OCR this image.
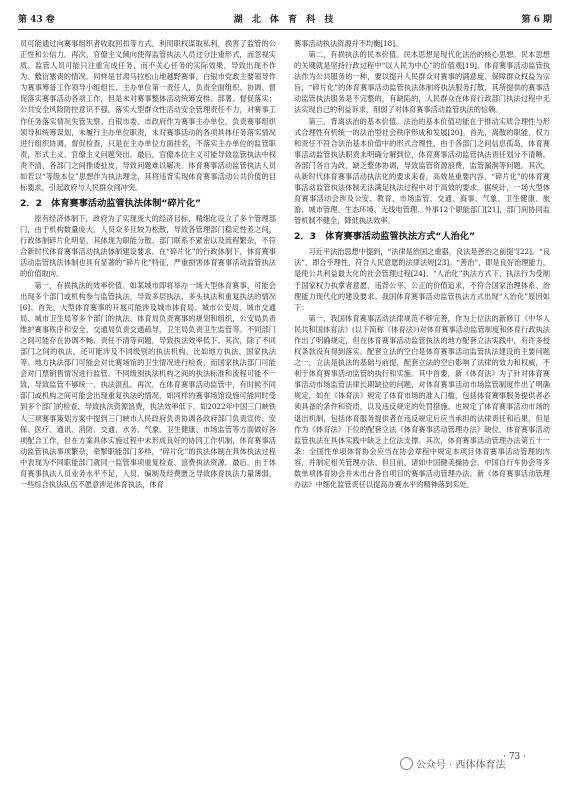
第 43 卷	湖 北 体 育 科 技	第 6 期

员可能通过向赛事组织者收取回扣等方式，利用职权谋取私利，损害了监管的公正性和公信力。再次，官僚主义倾向使得监管执法人员过分注重形式，而忽视实质。监管人员可能只注重完成任务，而不关心任务的实际效果，导致出现不作为、敷衍塞责的情况。同样是甘肃马拉松山地越野赛事，白银市党政主要领导作为赛事筹备工作领导小组组长、主办单位第一责任人，负责全面组织、协调、督促落实赛事活动各项工作，但是未对赛事整体活动统筹安排、部署、督促落实；公共安全风险防控意识不强，落实大型群众性活动安全管理责任不力，对赛事工作任务落实情况失管失察。白银市委、市政府作为赛事主办单位，负责赛事组织领导和统筹谋划，未履行主办单位职责，未对赛事活动的各项具体任务落实情况进行组织协调、督促检查，只是在主办单位方面挂名，不落实主办单位的监管职责，形式主义、官僚主义问题突出。最后，官僚本位主义可能导致监管执法中权责不清，各部门之间推诿扯皮，导致问题难以解决。体育赛事活动监管执法人员如若以“等级本位”思想作为执法理念，其将违背实现体育赛事活动公共价值的目标要求，引起政府与人民群众间冲突。

2．2　体育赛事活动监管执法体制“碎片化”

原有经济体制下，政府为了实现庞大的经济目标，精细化设立了多个管理部门，由于机构数量庞大、人员众多且较为松散，导致各管理部门稳定性差之间，行政体制碎片化明显，其体现为职能分散、部门联系不紧密以及流程繁杂，不符合新时代体育赛事活动执法体制建设要求。在“碎片化”的行政体制下，体育赛事活动监管执法体制也具有显著的“碎片化”特征，严重损害体育赛事活动监管执法的价值取向。

第一，有损执法的效率价值。如某城市即将举办一场大型体育赛事，可能会出现多个部门或机构参与监管执法，导致多层执法、多头执法和重复执法的情况[6]。首先，大型体育赛事的开展可能涉及城市体育局、城市公安局、城市交通局、城市卫生局等多个部门的执法。体育局负责赛事的规划和组织，公安局负责维护赛事秩序和安全，交通局负责交通疏导，卫生局负责卫生监管等。不同部门之间可能存在协调不畅、责任不清等问题，导致执法效率低下。其次，除了不同部门之间的执法，还可能涉及不同级别的执法机构，比如地方执法、国家执法等。地方执法部门可能会对比赛场馆的卫生情况进行检查，而国家执法部门可能会对门票销售情况进行监管。不同级别执法机构之间的执法标准和流程可能不一致，导致监管不够统一、执法混乱。再次，在体育赛事活动监管中，有时候不同部门或机构之间可能会出现重复执法的情况，如同样的赛事场馆设施可能同时受到多个部门的检查，导致执法资源浪费，执法效率低下。如2022年中国三门峡铁人三项赛事策划方案中提到三门峡市人民政府负责协调各政府部门负责宣传、安保、医疗、通讯、消防、交通、水务、气象、卫生健康、市场监管等方面做好各项配合工作，但在方案具体实施过程中未形成良好的协同工作机制，体育赛事活动监管执法事项繁杂，牵掣职能部门多样，“碎片化”的执法体制在具体执法过程中表现为不同职能部门就同一监管事项重复检查、浪费执法资源。最后，由于体育赛事执法人员业务水平不足，人员、编制及经费匮乏导致体育执法力量薄弱。一些综合执法队伍不愿意涉足体育执法，体育

赛事活动执法资源并不均衡[18]。

第二，有损执法的民本价值。民本思想是现代化法治的核心思想。民本思想的关键就是坚持行政过程中“以人民为中心”的价值观[19]。体育赛事活动监管执法作为公共服务的一种，要以提升人民群众对赛事的满意度、保障群众权益为宗旨，“碎片化”的体育赛事活动监管执法体制将执法服务打散，其所提供的赛事活动监管执法服务是不完整的，有缺陷的，人民群众在体育行政部门执法过程中无法实现自己的利益诉求，削弱了对体育赛事活动监管执法的信赖。

第三，背离法治的基本价值。法治的基本价值功能在于推动实质合理性与形式合理性有机统一的法治型社会秩序形成和发展[20]。首先，离散的职能、权力和责任不符合法治基本价值中的形式合理性，由于各部门之间信息孤岛，体育赛事活动监管执法职责未明确分解到位，体育赛事活动监管执法责任划分不清晰，各部门各自为政，缺乏整体协调，导致监管资源浪费，监管漏洞等问题。其次，从新时代体育赛事活动执法化的要求来看，高效是重要内容，“碎片化”的体育赛事活动监管执法体制无法满足执法过程中对于高效的要求。据统计，一场大型体育赛事活动会涉及公安、教育、市场监管、交通、海事、气象、卫生健康、旅游、城市管理、生态环境、无线电管理、外事12个职能部门[21]，部门间协同监管机制不健全，降低执法效率。

2．3　体育赛事活动监管执法方式“人治化”

习近平法治思想中提到，“法律是治国之重器，良法是善治之前提”[22]。“良法”，即合乎理性，符合人民意愿的法律法规[23]。“善治”，即是良好治理能力，是使公共利益最大化的社会管理过程[24]。“人治化”执法方式下，执法行为受制于国家权力执掌者意愿，违背公平、公正的价值追求，不符合国家治理体系、治理能力现代化的建设要求。我国体育赛事活动监管执法方式出现“人治化”原因如下：

第一，我国体育赛事活动法律规范不够完善，作为上位法的新修订《中华人民共和国体育法》(以下简称《体育法》)对体育赛事活动监管制度和体育行政执法作出了明确规定，但在体育赛事活动监管执法的地方配套立法实践中，有许多授权条款没有得到落实。配套立法的空白是体育赛事活动监管执法建设的主要问题之一，立法是执法的基础与前提，配套立法的空白影响了法律的效力和权威，不利于体育赛事活动监管的执行和实施。其中首要，新《体育法》为了针对体育赛事活动市场监管法律长期缺位的问题，对体育赛事活动市场监管制度作出了明确规定，如在《体育法》规定了体育市场的准入门槛，包括体育赛事服务提供者必须具备的条件和资质，以及违反规定的处罚措施。也规定了体育赛事活动市场的退出机制，包括体育服务提供者在违反规定后应当承担的法律责任和后果，但是作为《体育法》下位的配套立法《体育赛事活动管理办法》缺位，体育赛事活动监管执法在具体实践中缺乏上位法支撑。其次，体育赛事活动管理办法第五十一条：全国性单项体育协会应当在协会章程中规定本项目体育赛事活动管理的内容，并制定相关管理办法。但目前，诸如中国健美操协会、中国自行车协会等多数单项体育协会并未出台各自项目的赛事活动管理办法。新《体育赛事活动管理办法》中细化监管责任以提高办赛水平的精神落到实处。

· 73 ·
公众号 · 西体体育法
